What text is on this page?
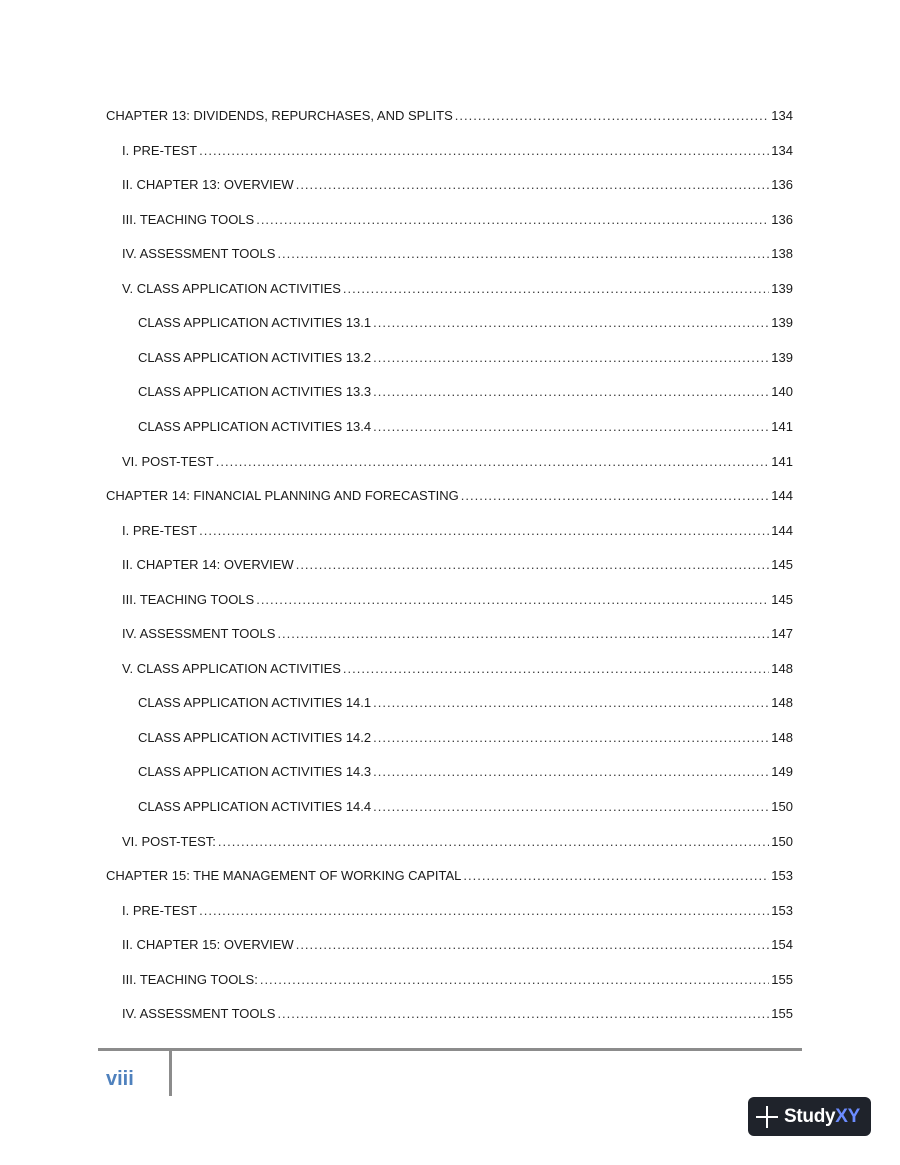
CHAPTER 13: DIVIDENDS, REPURCHASES, AND SPLITS .....	134
I. PRE-TEST .....	134
II. CHAPTER 13: OVERVIEW .....	136
III. TEACHING TOOLS .....	136
IV. ASSESSMENT TOOLS .....	138
V. CLASS APPLICATION ACTIVITIES .....	139
CLASS APPLICATION ACTIVITIES 13.1 .....	139
CLASS APPLICATION ACTIVITIES 13.2 .....	139
CLASS APPLICATION ACTIVITIES 13.3 .....	140
CLASS APPLICATION ACTIVITIES 13.4 .....	141
VI. POST-TEST .....	141
CHAPTER 14: FINANCIAL PLANNING AND FORECASTING .....	144
I. PRE-TEST .....	144
II. CHAPTER 14: OVERVIEW .....	145
III. TEACHING TOOLS .....	145
IV. ASSESSMENT TOOLS .....	147
V. CLASS APPLICATION ACTIVITIES .....	148
CLASS APPLICATION ACTIVITIES 14.1 .....	148
CLASS APPLICATION ACTIVITIES 14.2 .....	148
CLASS APPLICATION ACTIVITIES 14.3 .....	149
CLASS APPLICATION ACTIVITIES 14.4 .....	150
VI. POST-TEST: .....	150
CHAPTER 15: THE MANAGEMENT OF WORKING CAPITAL .....	153
I. PRE-TEST .....	153
II. CHAPTER 15: OVERVIEW .....	154
III. TEACHING TOOLS: .....	155
IV. ASSESSMENT TOOLS .....	155
viii
StudyXY
